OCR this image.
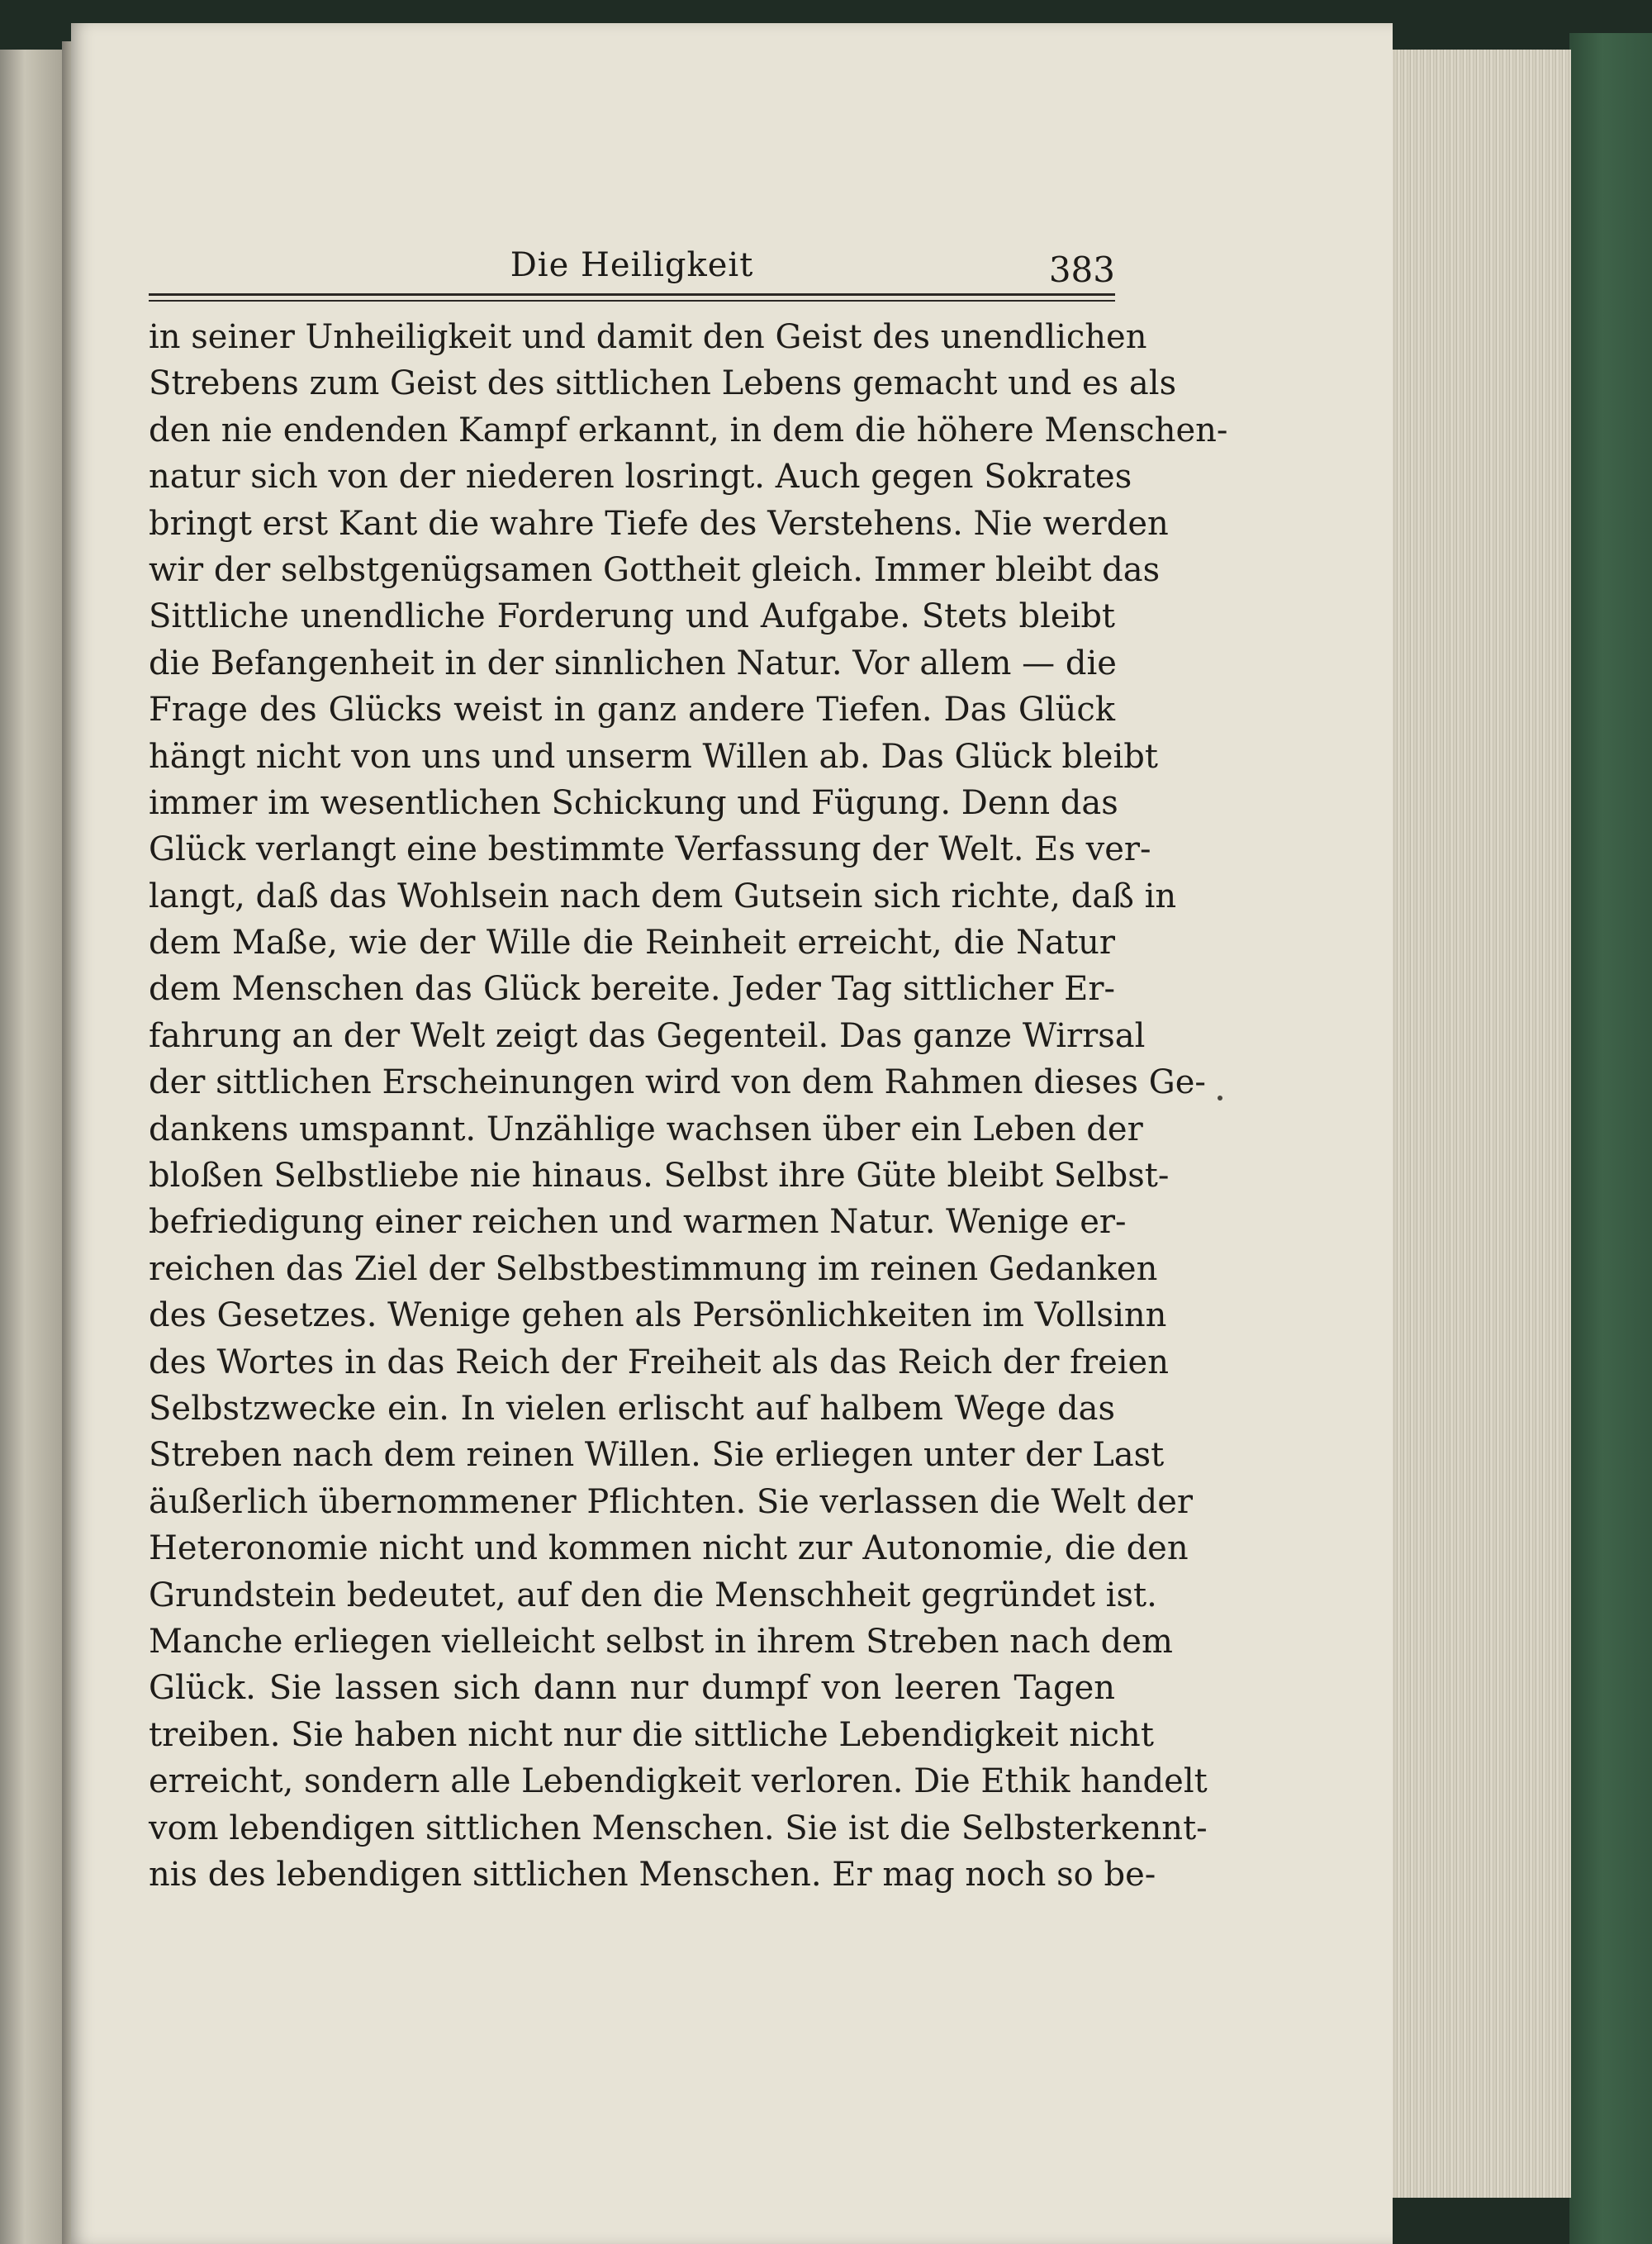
Die Heiligkeit	383
in seiner Unheiligkeit und damit den Geist des unendlichen
Strebens zum Geist des sittlichen Lebens gemacht und es als
den nie endenden Kampf erkannt, in dem die höhere Menschen-
natur sich von der niederen losringt. Auch gegen Sokrates
bringt erst Kant die wahre Tiefe des Verstehens. Nie werden
wir der selbstgenügsamen Gottheit gleich. Immer bleibt das
Sittliche unendliche Forderung und Aufgabe. Stets bleibt
die Befangenheit in der sinnlichen Natur. Vor allem — die
Frage des Glücks weist in ganz andere Tiefen. Das Glück
hängt nicht von uns und unserm Willen ab. Das Glück bleibt
immer im wesentlichen Schickung und Fügung. Denn das
Glück verlangt eine bestimmte Verfassung der Welt. Es ver-
langt, daß das Wohlsein nach dem Gutsein sich richte, daß in
dem Maße, wie der Wille die Reinheit erreicht, die Natur
dem Menschen das Glück bereite. Jeder Tag sittlicher Er-
fahrung an der Welt zeigt das Gegenteil. Das ganze Wirrsal
der sittlichen Erscheinungen wird von dem Rahmen dieses Ge-
dankens umspannt. Unzählige wachsen über ein Leben der
bloßen Selbstliebe nie hinaus. Selbst ihre Güte bleibt Selbst-
befriedigung einer reichen und warmen Natur. Wenige er-
reichen das Ziel der Selbstbestimmung im reinen Gedanken
des Gesetzes. Wenige gehen als Persönlichkeiten im Vollsinn
des Wortes in das Reich der Freiheit als das Reich der freien
Selbstzwecke ein. In vielen erlischt auf halbem Wege das
Streben nach dem reinen Willen. Sie erliegen unter der Last
äußerlich übernommener Pflichten. Sie verlassen die Welt der
Heteronomie nicht und kommen nicht zur Autonomie, die den
Grundstein bedeutet, auf den die Menschheit gegründet ist.
Manche erliegen vielleicht selbst in ihrem Streben nach dem
Glück. Sie lassen sich dann nur dumpf von leeren Tagen
treiben. Sie haben nicht nur die sittliche Lebendigkeit nicht
erreicht, sondern alle Lebendigkeit verloren. Die Ethik handelt
vom lebendigen sittlichen Menschen. Sie ist die Selbsterkennt-
nis des lebendigen sittlichen Menschen. Er mag noch so be-
